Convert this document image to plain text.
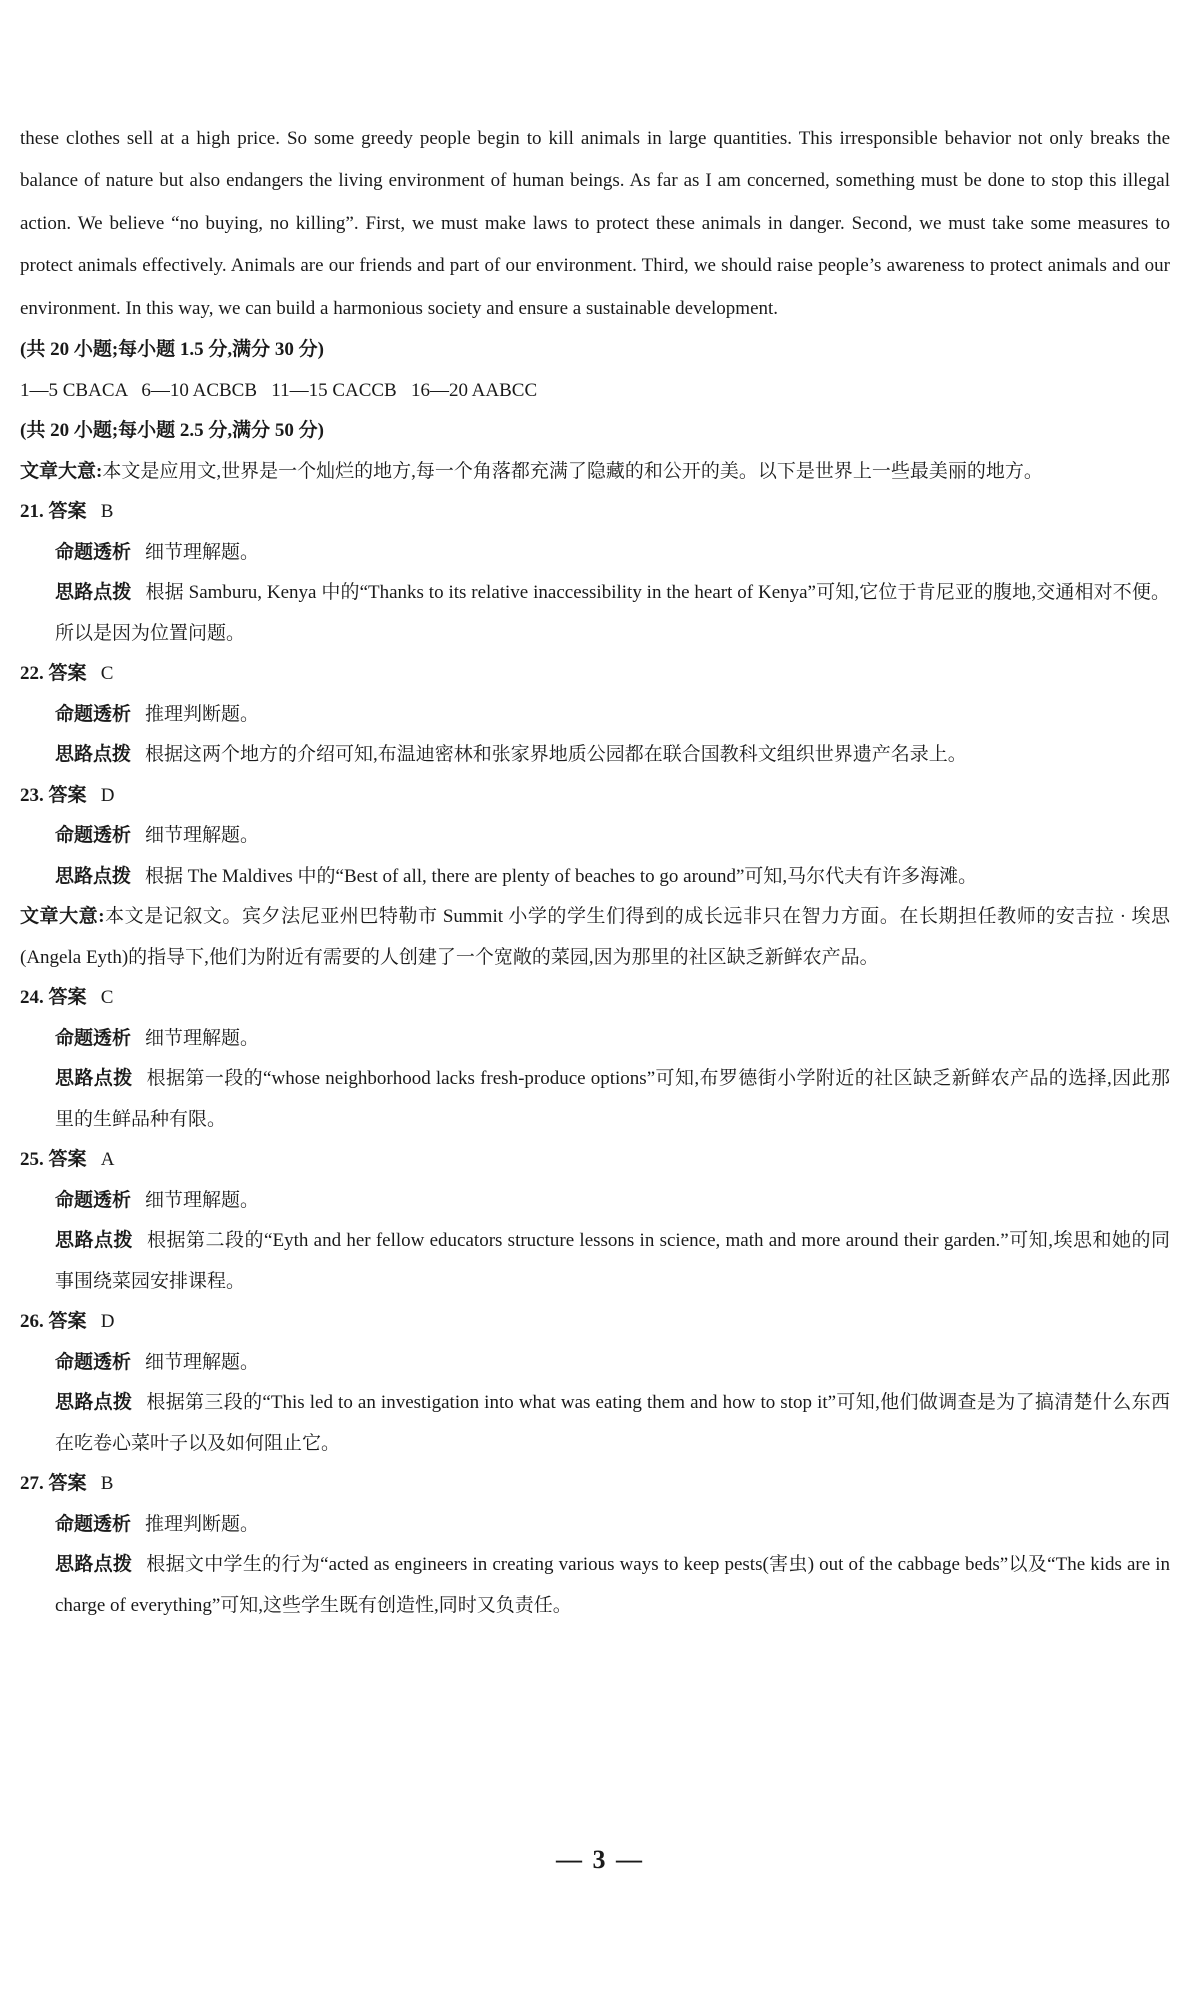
these clothes sell at a high price. So some greedy people begin to kill animals in large quantities. This irresponsible behavior not only breaks the balance of nature but also endangers the living environment of human beings. As far as I am concerned, something must be done to stop this illegal action. We believe “no buying, no killing”. First, we must make laws to protect these animals in danger. Second, we must take some measures to protect animals effectively. Animals are our friends and part of our environment. Third, we should raise people’s awareness to protect animals and our environment. In this way, we can build a harmonious society and ensure a sustainable development.

(共 20 小题;每小题 1.5 分,满分 30 分)

1—5 CBACA   6—10 ACBCB   11—15 CACCB   16—20 AABCC

(共 20 小题;每小题 2.5 分,满分 50 分)

文章大意:本文是应用文,世界是一个灿烂的地方,每一个角落都充满了隐藏的和公开的美。以下是世界上一些最美丽的地方。

21. 答案 B

命题透析 细节理解题。

思路点拨 根据 Samburu, Kenya 中的“Thanks to its relative inaccessibility in the heart of Kenya”可知,它位于肯尼亚的腹地,交通相对不便。所以是因为位置问题。

22. 答案 C

命题透析 推理判断题。

思路点拨 根据这两个地方的介绍可知,布温迪密林和张家界地质公园都在联合国教科文组织世界遗产名录上。

23. 答案 D

命题透析 细节理解题。

思路点拨 根据 The Maldives 中的“Best of all, there are plenty of beaches to go around”可知,马尔代夫有许多海滩。

文章大意:本文是记叙文。宾夕法尼亚州巴特勒市 Summit 小学的学生们得到的成长远非只在智力方面。在长期担任教师的安吉拉 · 埃思(Angela Eyth)的指导下,他们为附近有需要的人创建了一个宽敞的菜园,因为那里的社区缺乏新鲜农产品。

24. 答案 C

命题透析 细节理解题。

思路点拨 根据第一段的“whose neighborhood lacks fresh-produce options”可知,布罗德街小学附近的社区缺乏新鲜农产品的选择,因此那里的生鲜品种有限。

25. 答案 A

命题透析 细节理解题。

思路点拨 根据第二段的“Eyth and her fellow educators structure lessons in science, math and more around their garden.”可知,埃思和她的同事围绕菜园安排课程。

26. 答案 D

命题透析 细节理解题。

思路点拨 根据第三段的“This led to an investigation into what was eating them and how to stop it”可知,他们做调查是为了搞清楚什么东西在吃卷心菜叶子以及如何阻止它。

27. 答案 B

命题透析 推理判断题。

思路点拨 根据文中学生的行为“acted as engineers in creating various ways to keep pests(害虫) out of the cabbage beds”以及“The kids are in charge of everything”可知,这些学生既有创造性,同时又负责任。

— 3 —
